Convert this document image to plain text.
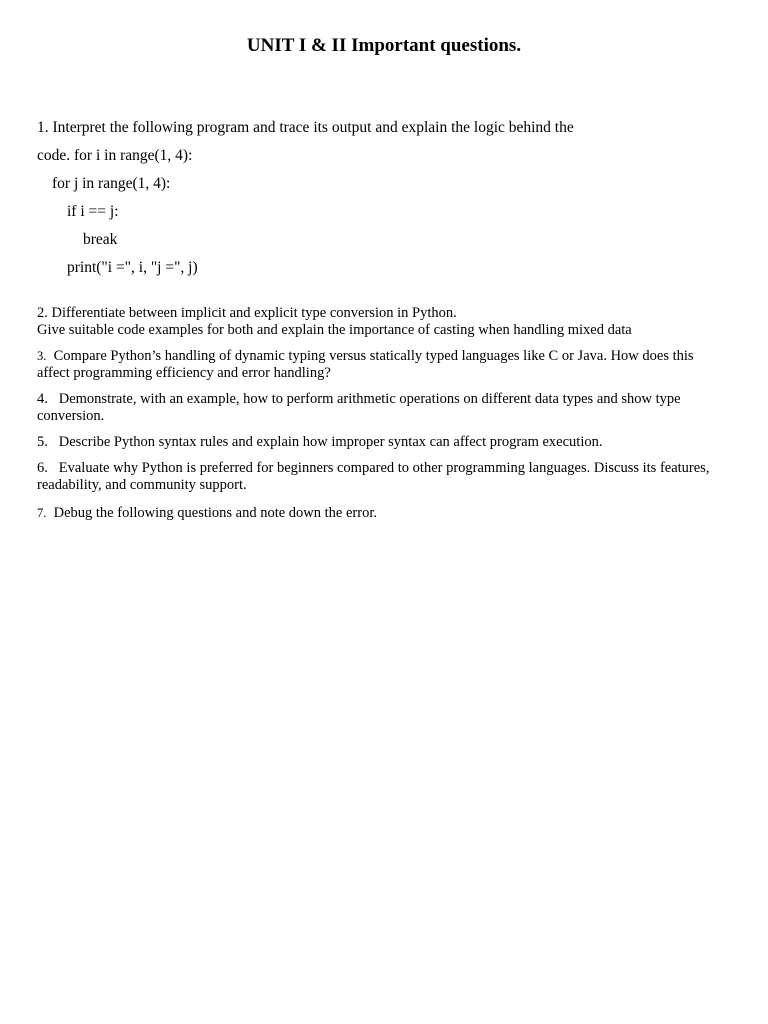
UNIT I & II Important questions.
1. Interpret the following program and trace its output and explain the logic behind the
code. for i in range(1, 4):
for j in range(1, 4):
if i == j:
break
print("i =", i, "j =", j)
2. Differentiate between implicit and explicit type conversion in Python.
Give suitable code examples for both and explain the importance of casting when handling mixed data
3. Compare Python’s handling of dynamic typing versus statically typed languages like C or Java. How does this affect programming efficiency and error handling?
4. Demonstrate, with an example, how to perform arithmetic operations on different data types and show type conversion.
5. Describe Python syntax rules and explain how improper syntax can affect program execution.
6. Evaluate why Python is preferred for beginners compared to other programming languages. Discuss its features, readability, and community support.
7. Debug the following questions and note down the error.
